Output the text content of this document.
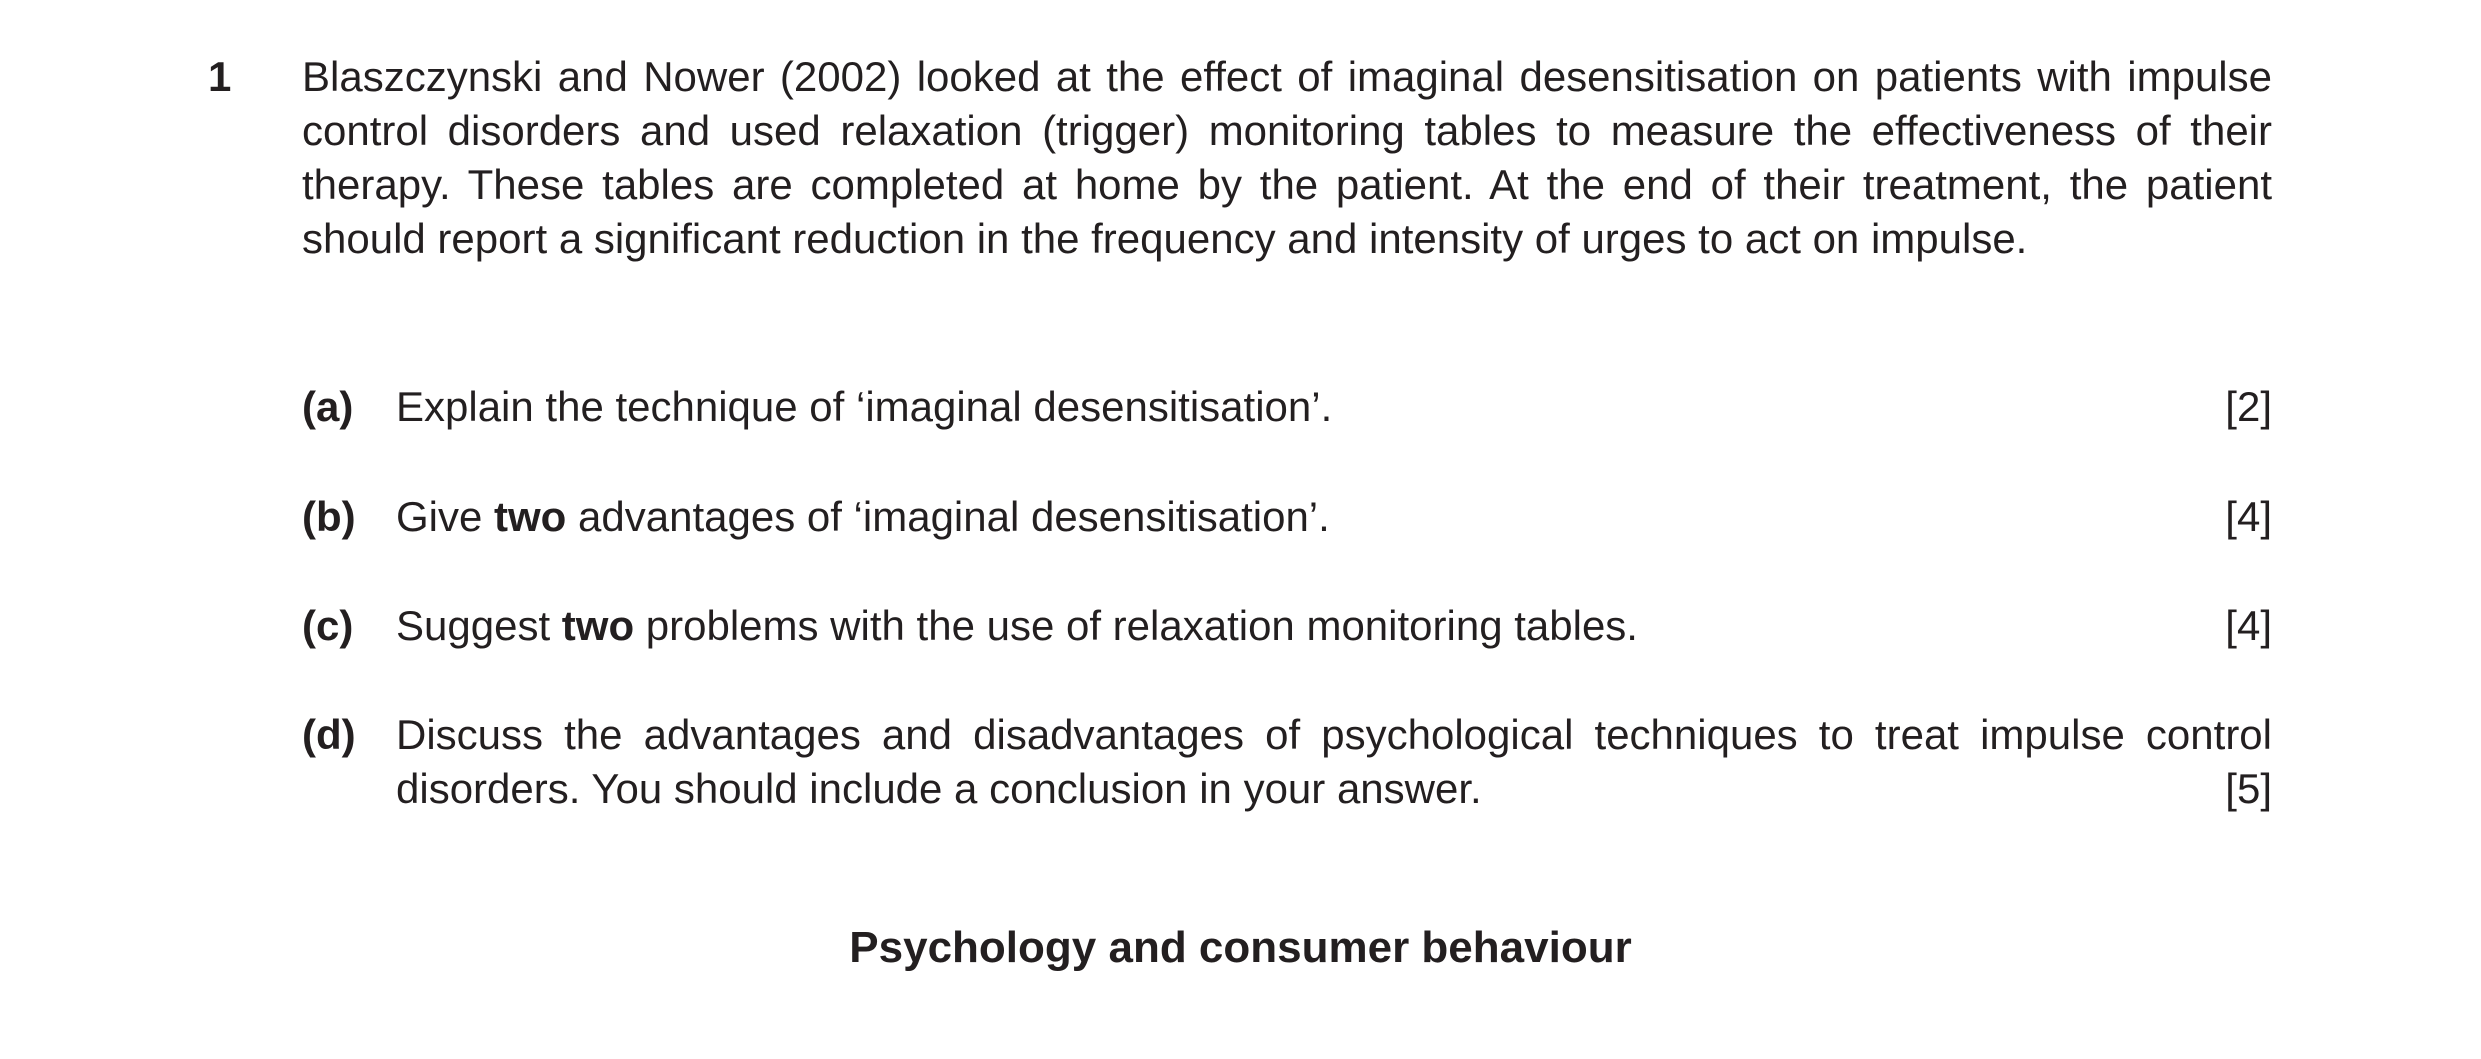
1 Blaszczynski and Nower (2002) looked at the effect of imaginal desensitisation on patients with impulse control disorders and used relaxation (trigger) monitoring tables to measure the effectiveness of their therapy. These tables are completed at home by the patient. At the end of their treatment, the patient should report a significant reduction in the frequency and intensity of urges to act on impulse.
(a) Explain the technique of ‘imaginal desensitisation’.	[2]
(b) Give two advantages of ‘imaginal desensitisation’.	[4]
(c) Suggest two problems with the use of relaxation monitoring tables.	[4]
(d) Discuss the advantages and disadvantages of psychological techniques to treat impulse control disorders. You should include a conclusion in your answer.	[5]
Psychology and consumer behaviour
